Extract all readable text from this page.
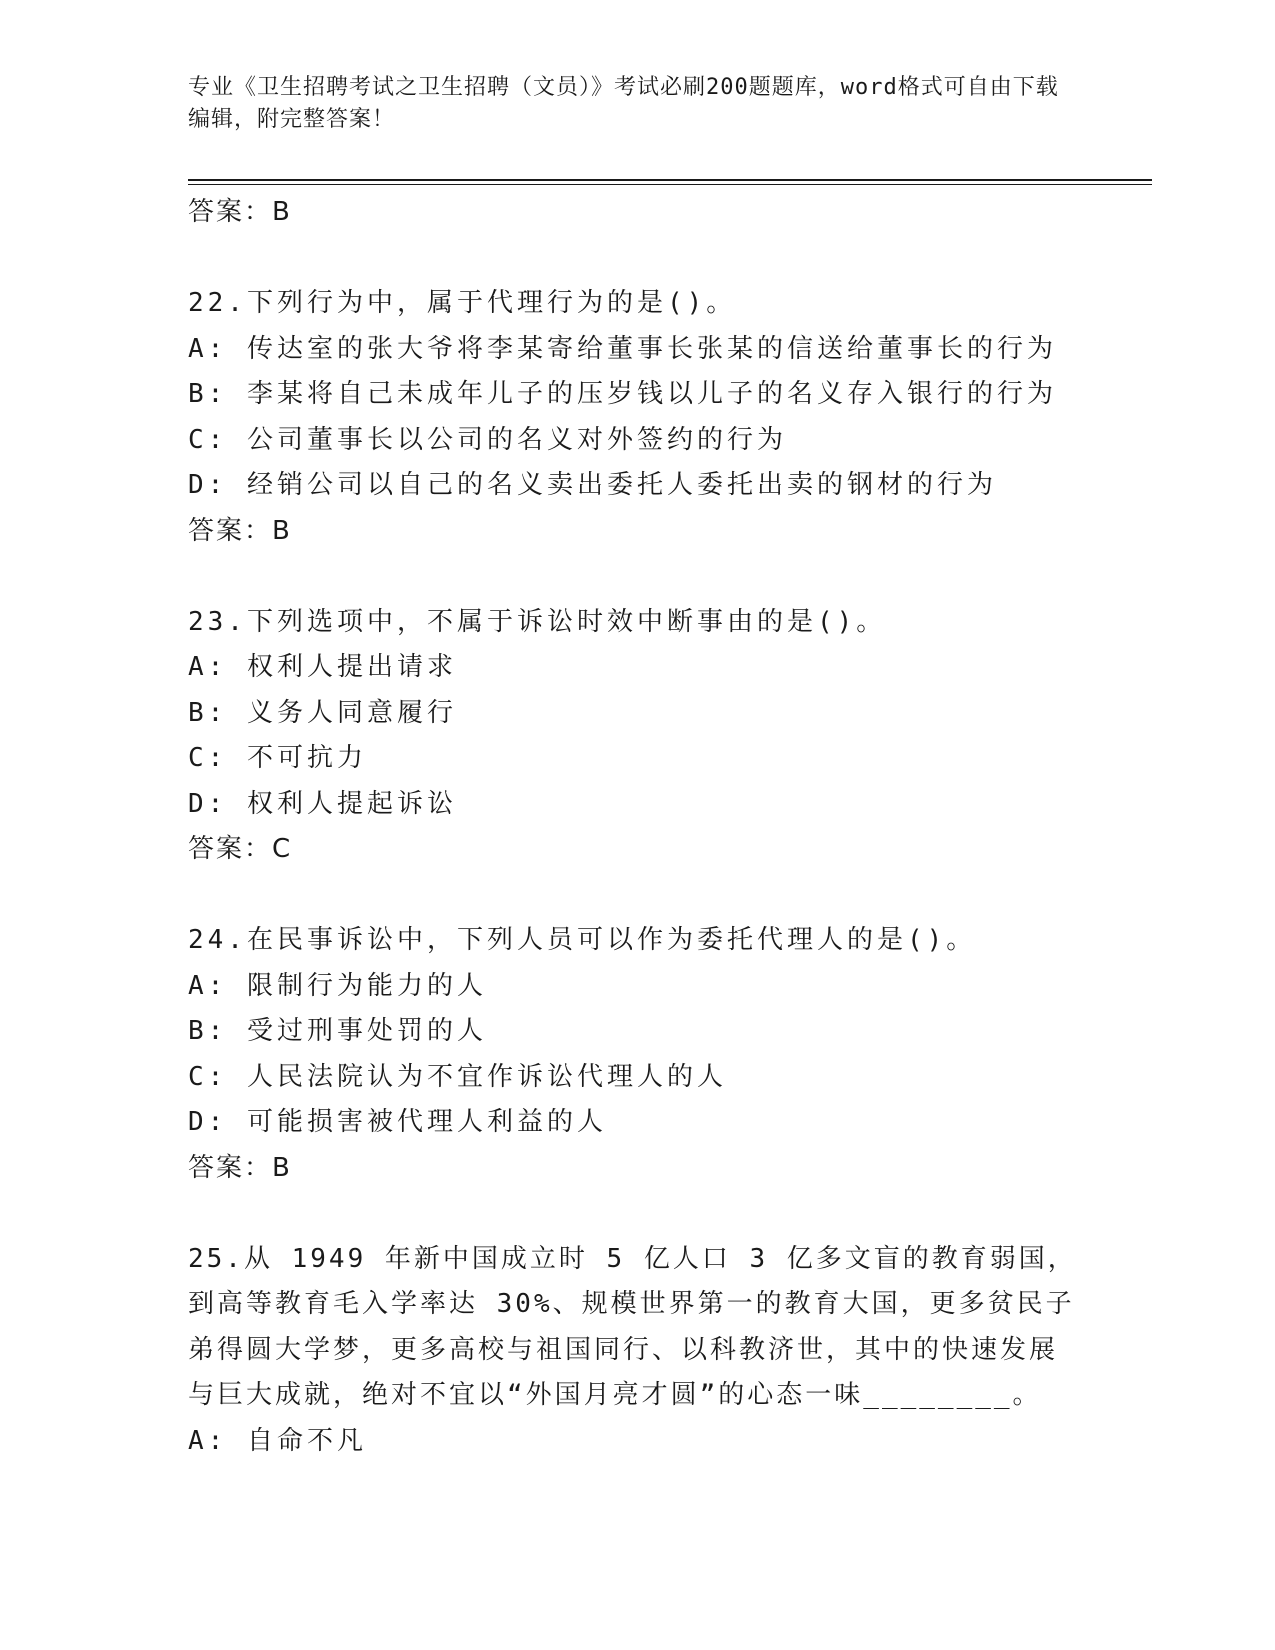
专业《卫生招聘考试之卫生招聘（文员）》考试必刷200题题库，word格式可自由下载编辑，附完整答案！
答案：B
22.下列行为中，属于代理行为的是()。
A: 传达室的张大爷将李某寄给董事长张某的信送给董事长的行为
B: 李某将自己未成年儿子的压岁钱以儿子的名义存入银行的行为
C: 公司董事长以公司的名义对外签约的行为
D: 经销公司以自己的名义卖出委托人委托出卖的钢材的行为
答案：B
23.下列选项中，不属于诉讼时效中断事由的是()。
A: 权利人提出请求
B: 义务人同意履行
C: 不可抗力
D: 权利人提起诉讼
答案：C
24.在民事诉讼中，下列人员可以作为委托代理人的是()。
A: 限制行为能力的人
B: 受过刑事处罚的人
C: 人民法院认为不宜作诉讼代理人的人
D: 可能损害被代理人利益的人
答案：B
25.从 1949 年新中国成立时 5 亿人口 3 亿多文盲的教育弱国，到高等教育毛入学率达 30%、规模世界第一的教育大国，更多贫民子弟得圆大学梦，更多高校与祖国同行、以科教济世，其中的快速发展与巨大成就，绝对不宜以“外国月亮才圆”的心态一味________。
A: 自命不凡
